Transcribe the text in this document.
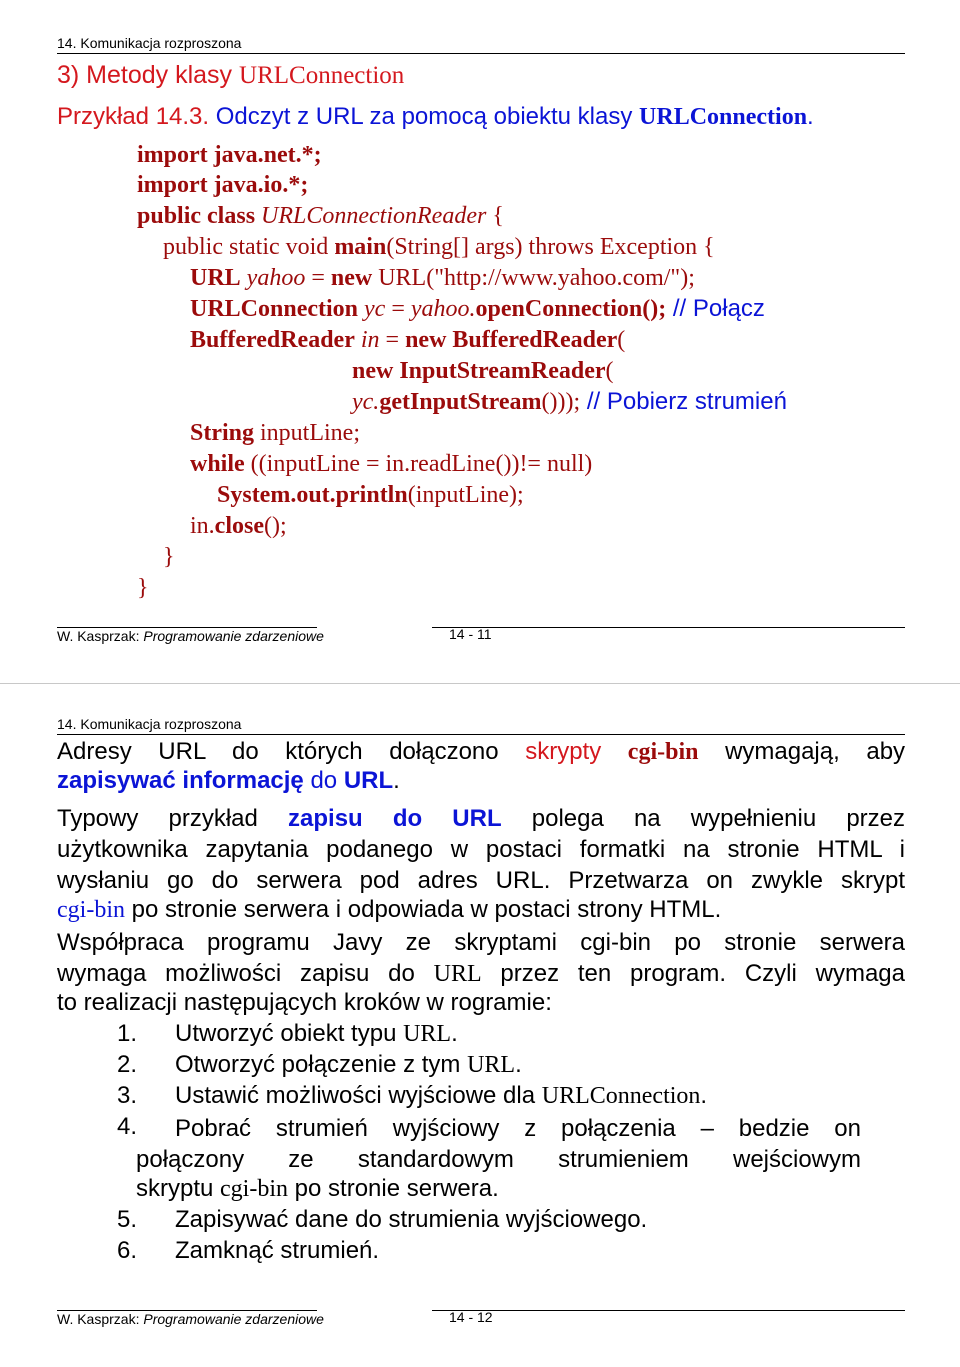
14. Komunikacja rozproszona
3) Metody klasy URLConnection
Przykład 14.3. Odczyt z URL za pomocą obiektu klasy URLConnection.
import java.net.*;
import java.io.*;
public class URLConnectionReader {
public static void main(String[] args) throws Exception {
URL yahoo = new URL("http://www.yahoo.com/");
URLConnection yc = yahoo.openConnection(); // Połącz
BufferedReader in = new BufferedReader(
new InputStreamReader(
yc.getInputStream())); // Pobierz strumień
String inputLine;
while ((inputLine = in.readLine())!= null)
System.out.println(inputLine);
in.close();
}
}
W. Kasprzak: Programowanie zdarzeniowe	14 - 11
14. Komunikacja rozproszona
Adresy URL do których dołączono skrypty cgi-bin wymagają, aby
zapisywać informację do URL.
Typowy przykład zapisu do URL polega na wypełnieniu przez
użytkownika zapytania podanego w postaci formatki na stronie HTML i
wysłaniu go do serwera pod adres URL. Przetwarza on zwykle skrypt
cgi-bin po stronie serwera i odpowiada w postaci strony HTML.
Współpraca programu Javy ze skryptami cgi-bin po stronie serwera
wymaga możliwości zapisu do URL przez ten program. Czyli wymaga
to realizacji następujących kroków w rogramie:
1. Utworzyć obiekt typu URL.
2. Otworzyć połączenie z tym URL.
3. Ustawić możliwości wyjściowe dla URLConnection.
4. Pobrać strumień wyjściowy z połączenia – bedzie on
połączony ze standardowym strumieniem wejściowym
skryptu cgi-bin po stronie serwera.
5. Zapisywać dane do strumienia wyjściowego.
6. Zamknąć strumień.
W. Kasprzak: Programowanie zdarzeniowe	14 - 12
